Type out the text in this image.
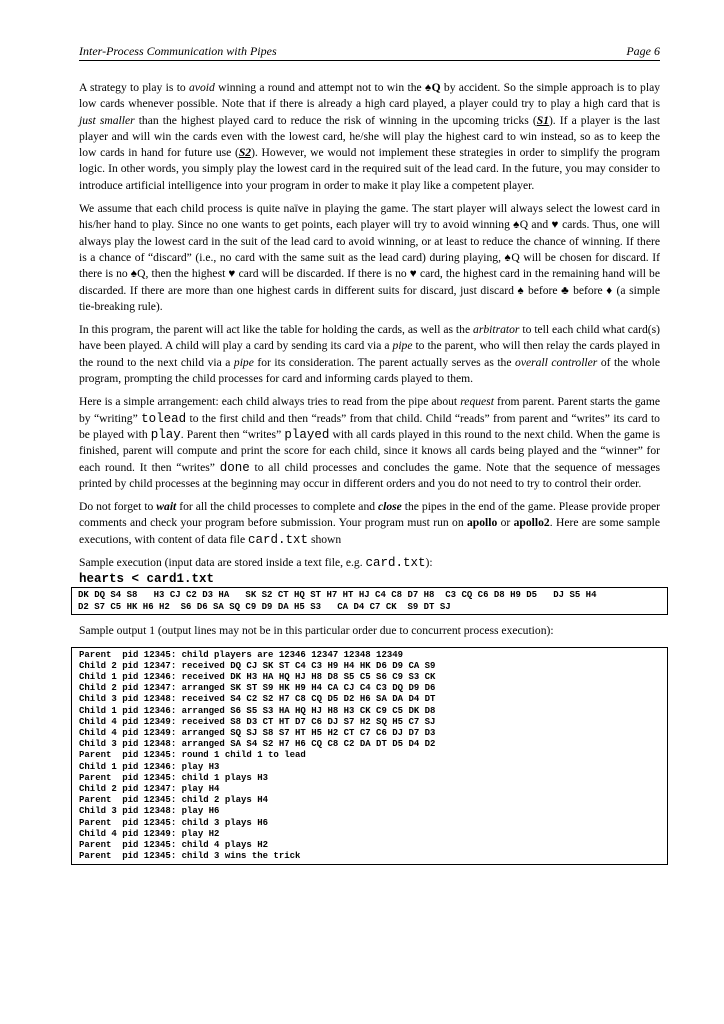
Inter-Process Communication with Pipes	Page 6

A strategy to play is to avoid winning a round and attempt not to win the ♠Q by accident. So the simple approach is to play low cards whenever possible. Note that if there is already a high card played, a player could try to play a high card that is just smaller than the highest played card to reduce the risk of winning in the upcoming tricks (S1). If a player is the last player and will win the cards even with the lowest card, he/she will play the highest card to win instead, so as to keep the low cards in hand for future use (S2). However, we would not implement these strategies in order to simplify the program logic. In other words, you simply play the lowest card in the required suit of the lead card. In the future, you may consider to introduce artificial intelligence into your program in order to make it play like a competent player.

We assume that each child process is quite naïve in playing the game. The start player will always select the lowest card in his/her hand to play. Since no one wants to get points, each player will try to avoid winning ♠Q and ♥ cards. Thus, one will always play the lowest card in the suit of the lead card to avoid winning, or at least to reduce the chance of winning. If there is a chance of “discard” (i.e., no card with the same suit as the lead card) during playing, ♠Q will be chosen for discard. If there is no ♠Q, then the highest ♥ card will be discarded. If there is no ♥ card, the highest card in the remaining hand will be discarded. If there are more than one highest cards in different suits for discard, just discard ♠ before ♣ before ♦ (a simple tie-breaking rule).

In this program, the parent will act like the table for holding the cards, as well as the arbitrator to tell each child what card(s) have been played. A child will play a card by sending its card via a pipe to the parent, who will then relay the cards played in the round to the next child via a pipe for its consideration. The parent actually serves as the overall controller of the whole program, prompting the child processes for card and informing cards played to them.

Here is a simple arrangement: each child always tries to read from the pipe about request from parent. Parent starts the game by “writing” tolead to the first child and then “reads” from that child. Child “reads” from parent and “writes” its card to be played with play. Parent then “writes” played with all cards played in this round to the next child. When the game is finished, parent will compute and print the score for each child, since it knows all cards being played and the “winner” for each round. It then “writes” done to all child processes and concludes the game. Note that the sequence of messages printed by child processes at the beginning may occur in different orders and you do not need to try to control their order.

Do not forget to wait for all the child processes to complete and close the pipes in the end of the game. Please provide proper comments and check your program before submission. Your program must run on apollo or apollo2. Here are some sample executions, with content of data file card.txt shown

Sample execution (input data are stored inside a text file, e.g. card.txt):

hearts < card1.txt
DK DQ S4 S8   H3 CJ C2 D3 HA   SK S2 CT HQ ST H7 HT HJ C4 C8 D7 H8  C3 CQ C6 D8 H9 D5   DJ S5 H4
D2 S7 C5 HK H6 H2  S6 D6 SA SQ C9 D9 DA H5 S3   CA D4 C7 CK  S9 DT SJ

Sample output 1 (output lines may not be in this particular order due to concurrent process execution):

Parent  pid 12345: child players are 12346 12347 12348 12349
Child 2 pid 12347: received DQ CJ SK ST C4 C3 H9 H4 HK D6 D9 CA S9
Child 1 pid 12346: received DK H3 HA HQ HJ H8 D8 S5 C5 S6 C9 S3 CK
Child 2 pid 12347: arranged SK ST S9 HK H9 H4 CA CJ C4 C3 DQ D9 D6
Child 3 pid 12348: received S4 C2 S2 H7 C8 CQ D5 D2 H6 SA DA D4 DT
Child 1 pid 12346: arranged S6 S5 S3 HA HQ HJ H8 H3 CK C9 C5 DK D8
Child 4 pid 12349: received S8 D3 CT HT D7 C6 DJ S7 H2 SQ H5 C7 SJ
Child 4 pid 12349: arranged SQ SJ S8 S7 HT H5 H2 CT C7 C6 DJ D7 D3
Child 3 pid 12348: arranged SA S4 S2 H7 H6 CQ C8 C2 DA DT D5 D4 D2
Parent  pid 12345: round 1 child 1 to lead
Child 1 pid 12346: play H3
Parent  pid 12345: child 1 plays H3
Child 2 pid 12347: play H4
Parent  pid 12345: child 2 plays H4
Child 3 pid 12348: play H6
Parent  pid 12345: child 3 plays H6
Child 4 pid 12349: play H2
Parent  pid 12345: child 4 plays H2
Parent  pid 12345: child 3 wins the trick
